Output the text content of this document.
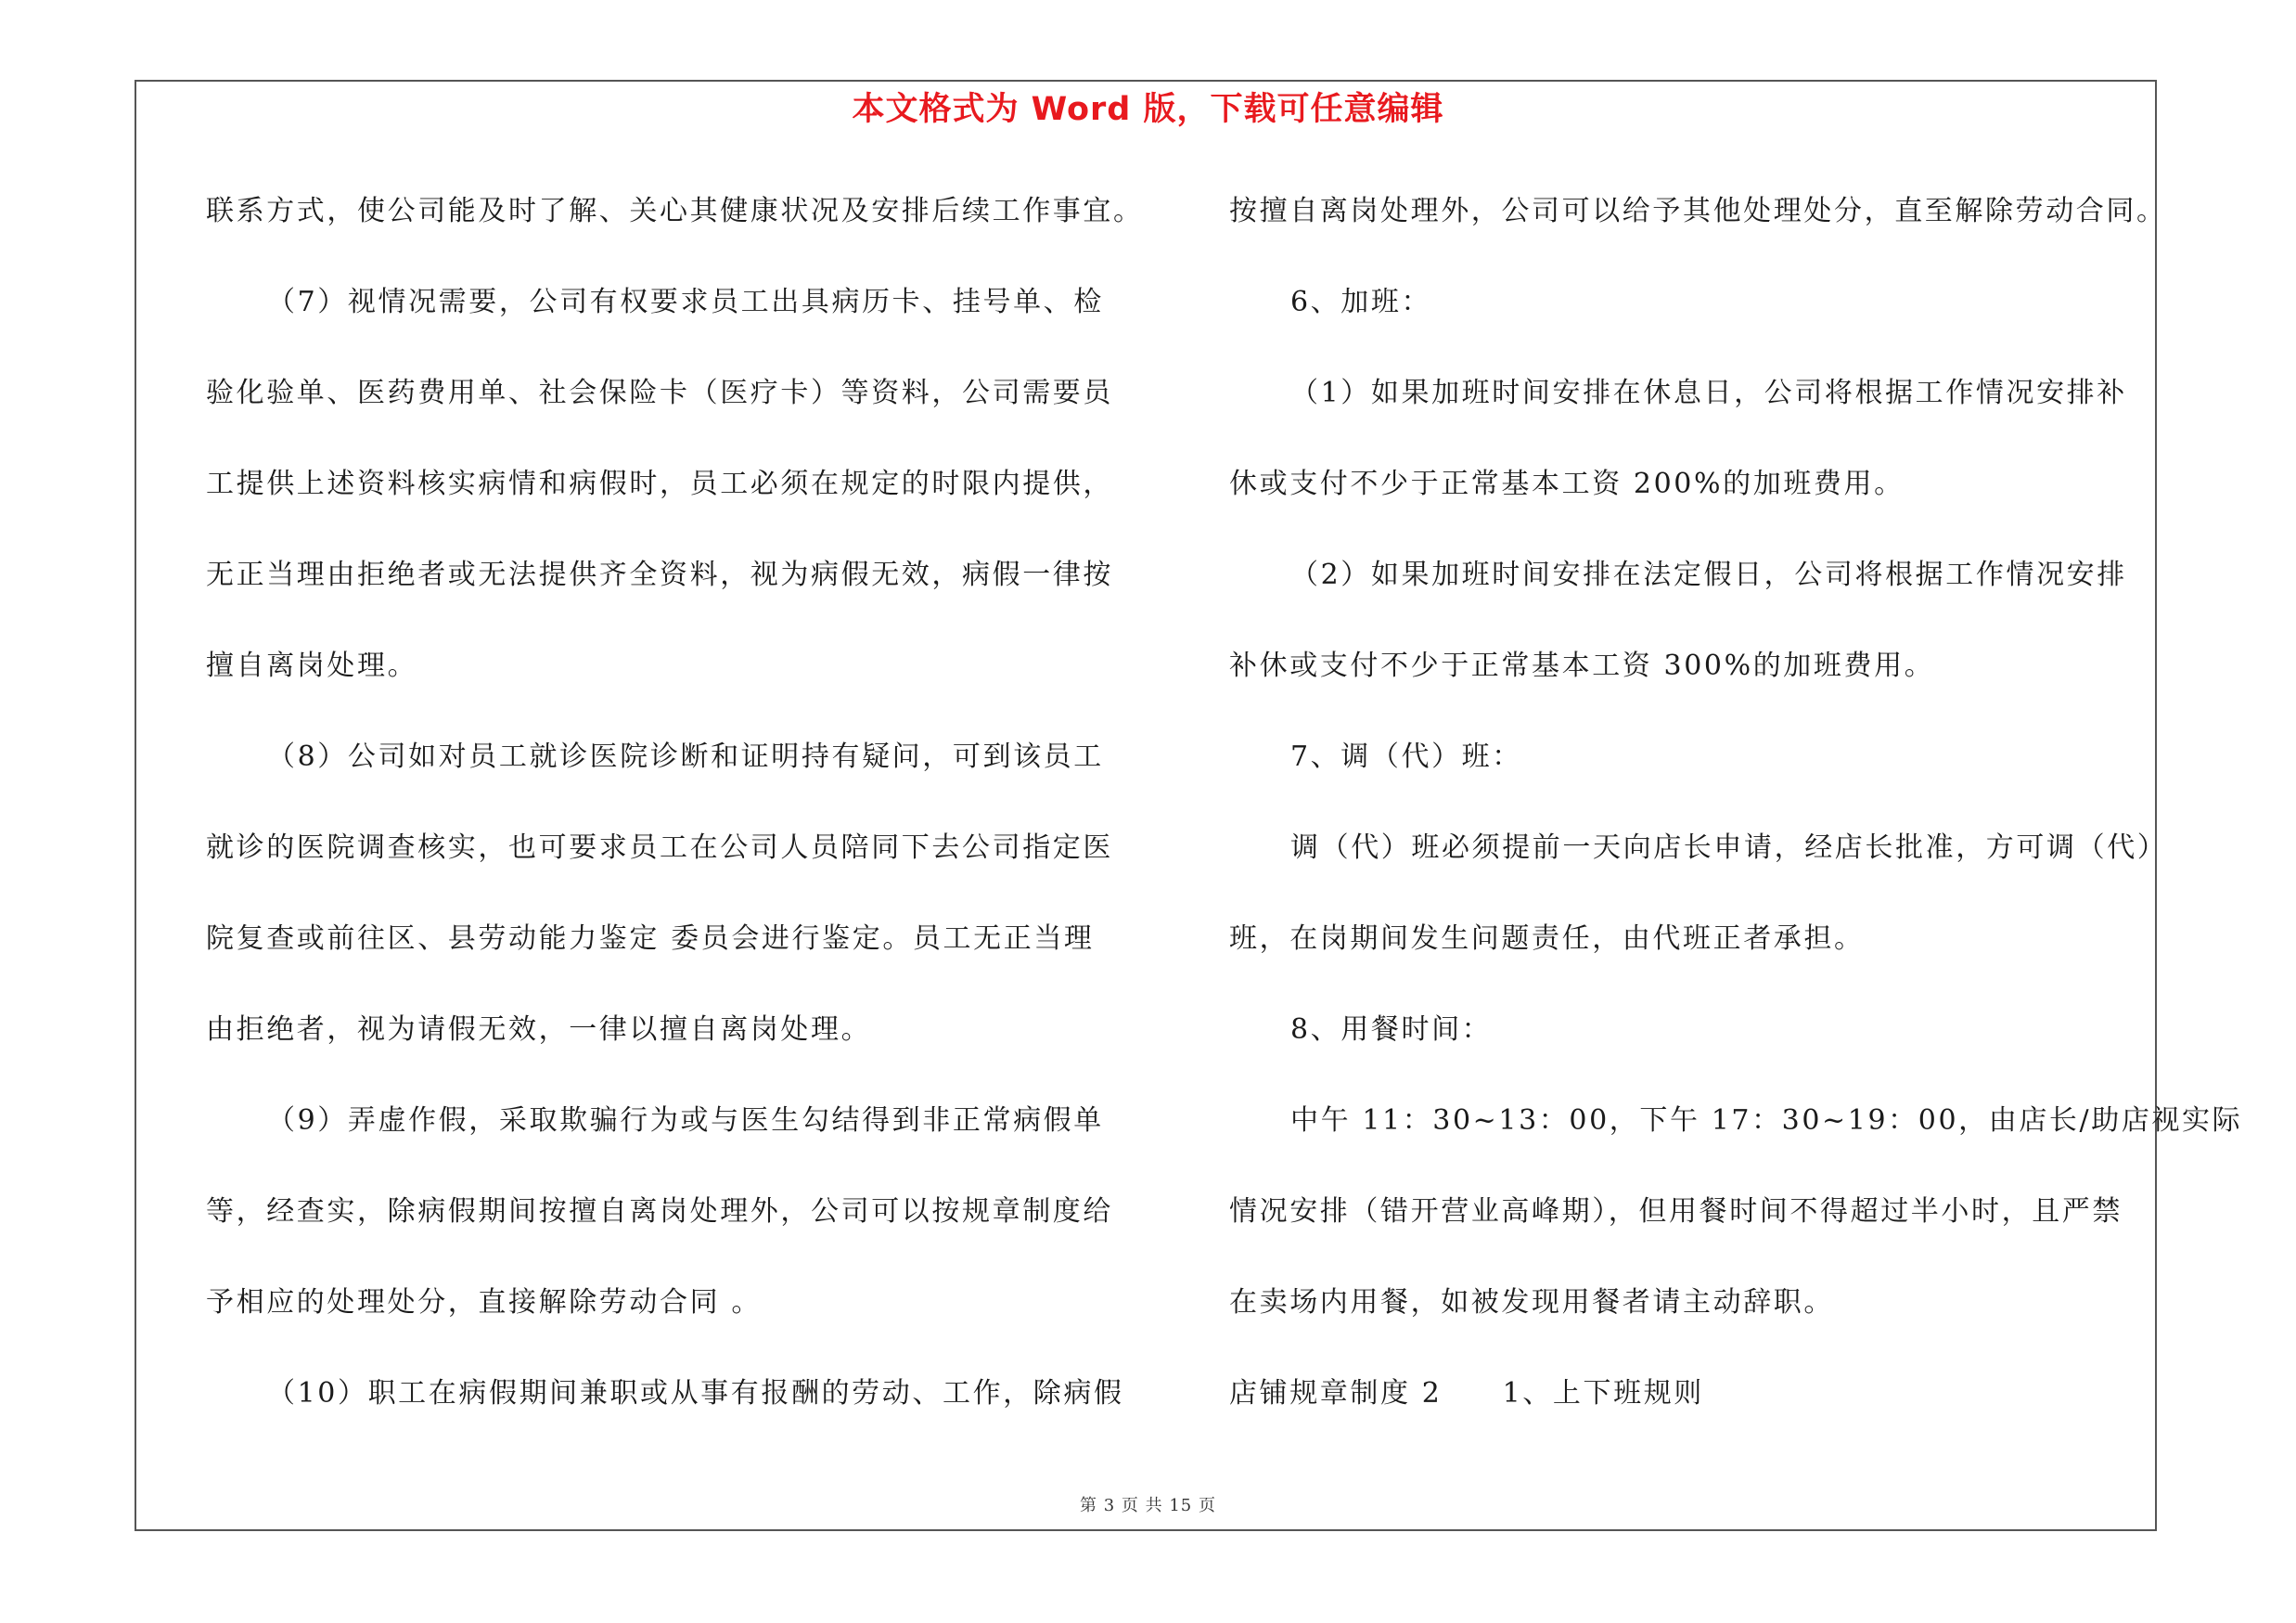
本文格式为 Word 版，下载可任意编辑
联系方式，使公司能及时了解、关心其健康状况及安排后续工作事宜。
（7）视情况需要，公司有权要求员工出具病历卡、挂号单、检
验化验单、医药费用单、社会保险卡（医疗卡）等资料，公司需要员
工提供上述资料核实病情和病假时，员工必须在规定的时限内提供，
无正当理由拒绝者或无法提供齐全资料，视为病假无效，病假一律按
擅自离岗处理。
（8）公司如对员工就诊医院诊断和证明持有疑问，可到该员工
就诊的医院调查核实，也可要求员工在公司人员陪同下去公司指定医
院复查或前往区、县劳动能力鉴定 委员会进行鉴定。员工无正当理
由拒绝者，视为请假无效，一律以擅自离岗处理。
（9）弄虚作假，采取欺骗行为或与医生勾结得到非正常病假单
等，经查实，除病假期间按擅自离岗处理外，公司可以按规章制度给
予相应的处理处分，直接解除劳动合同 。
（10）职工在病假期间兼职或从事有报酬的劳动、工作，除病假
按擅自离岗处理外，公司可以给予其他处理处分，直至解除劳动合同。
6、加班：
（1）如果加班时间安排在休息日，公司将根据工作情况安排补
休或支付不少于正常基本工资 200%的加班费用。
（2）如果加班时间安排在法定假日，公司将根据工作情况安排
补休或支付不少于正常基本工资 300%的加班费用。
7、调（代）班：
调（代）班必须提前一天向店长申请，经店长批准，方可调（代）
班，在岗期间发生问题责任，由代班正者承担。
8、用餐时间：
中午 11：30~13：00，下午 17：30~19：00，由店长/助店视实际
情况安排（错开营业高峰期），但用餐时间不得超过半小时，且严禁
在卖场内用餐，如被发现用餐者请主动辞职。
店铺规章制度 2　　1、上下班规则
第 3 页 共 15 页
